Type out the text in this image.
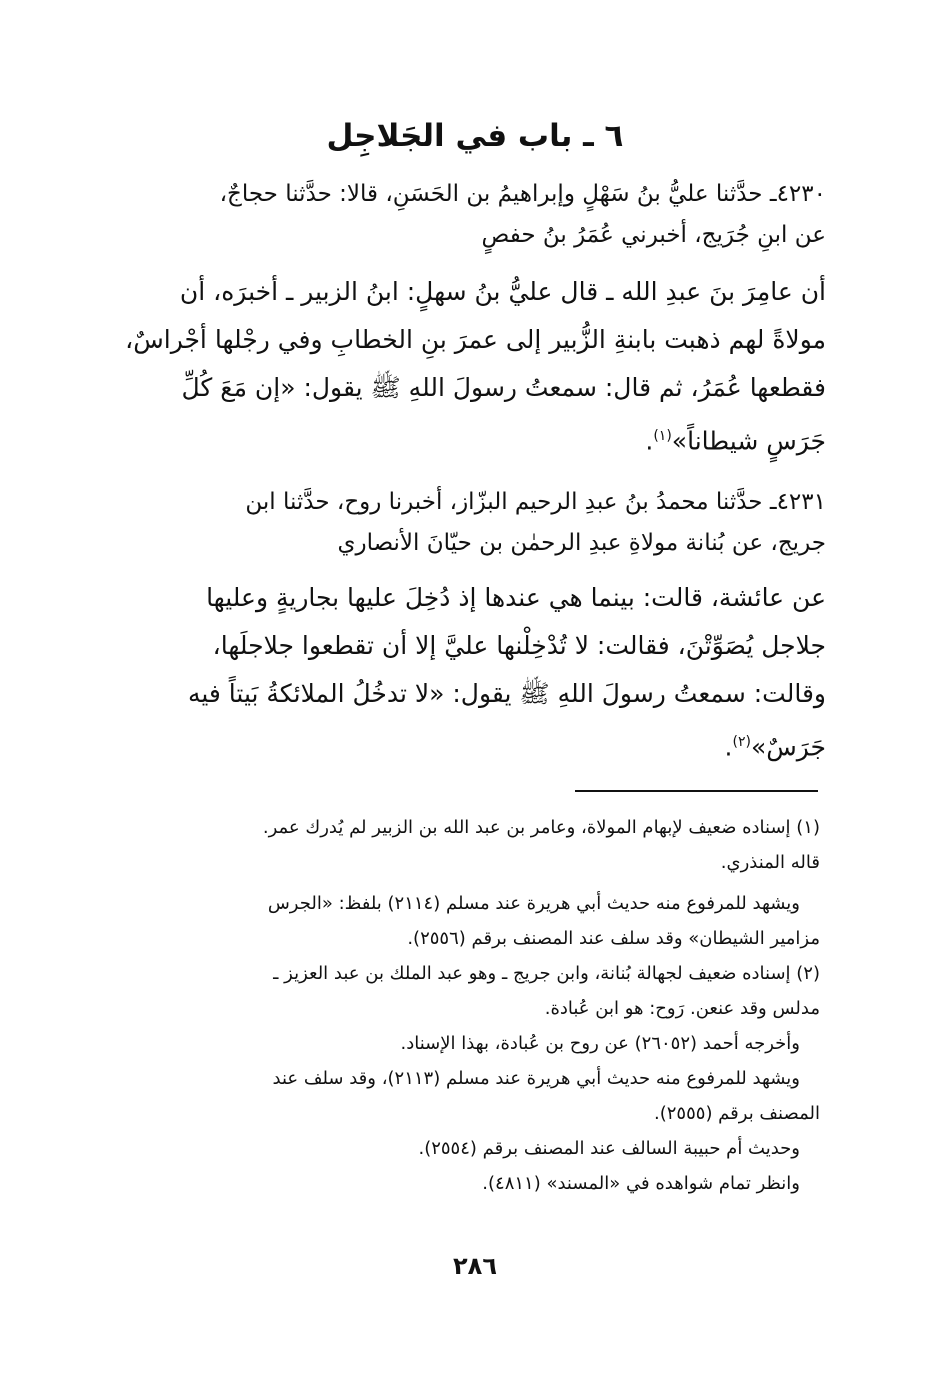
٦ ـ باب في الجَلاجِل
٤٢٣٠ـ حدَّثنا عليُّ بنُ سَهْلٍ وإبراهيمُ بن الحَسَنِ، قالا: حدَّثنا حجاجٌ،
عن ابنِ جُرَيج، أخبرني عُمَرُ بنُ حفصٍ
أن عامِرَ بنَ عبدِ الله ـ قال عليُّ بنُ سهلٍ: ابنُ الزبير ـ أخبرَه، أن
مولاةً لهم ذهبت بابنةِ الزُّبير إلى عمرَ بنِ الخطابِ وفي رجْلها أجْراسٌ،
فقطعها عُمَرُ، ثم قال: سمعتُ رسولَ اللهِ ﷺ يقول: «إن مَعَ كُلِّ
جَرَسٍ شيطاناً»$^{(١)}$.
٤٢٣١ـ حدَّثنا محمدُ بنُ عبدِ الرحيم البزّاز، أخبرنا روح، حدَّثنا ابن
جريج، عن بُنانة مولاةِ عبدِ الرحمٰن بن حيّانَ الأنصاري
عن عائشة، قالت: بينما هي عندها إذ دُخِلَ عليها بجاريةٍ وعليها
جلاجل يُصَوِّتْنَ، فقالت: لا تُدْخِلْنها عليَّ إلا أن تقطعوا جلاجلَها،
وقالت: سمعتُ رسولَ اللهِ ﷺ يقول: «لا تدخُلُ الملائكةُ بَيتاً فيه
جَرَسٌ»$^{(٢)}$.
(١) إسناده ضعيف لإبهام المولاة، وعامر بن عبد الله بن الزبير لم يُدرك عمر.
قاله المنذري.
ويشهد للمرفوع منه حديث أبي هريرة عند مسلم (٢١١٤) بلفظ: «الجرس
مزامير الشيطان» وقد سلف عند المصنف برقم (٢٥٥٦).
(٢) إسناده ضعيف لجهالة بُنانة، وابن جريج ـ وهو عبد الملك بن عبد العزيز ـ
مدلس وقد عنعن. رَوح: هو ابن عُبادة.
وأخرجه أحمد (٢٦٠٥٢) عن روح بن عُبادة، بهذا الإسناد.
ويشهد للمرفوع منه حديث أبي هريرة عند مسلم (٢١١٣)، وقد سلف عند
المصنف برقم (٢٥٥٥).
وحديث أم حبيبة السالف عند المصنف برقم (٢٥٥٤).
وانظر تمام شواهده في «المسند» (٤٨١١).
٢٨٦
